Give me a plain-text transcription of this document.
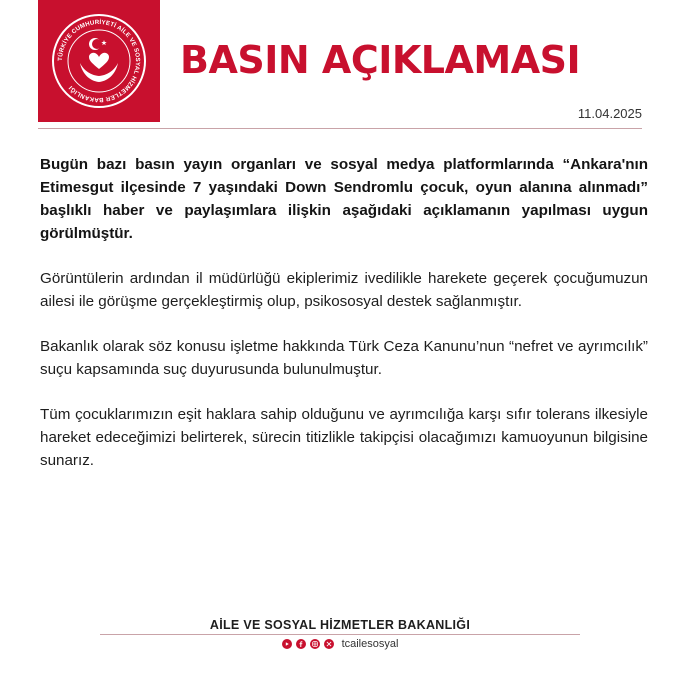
TÜRKİYE CUMHURİYETİ AİLE VE SOSYAL HİZMETLER BAKANLIĞI
BASIN AÇIKLAMASI
11.04.2025

Bugün bazı basın yayın organları ve sosyal medya platformlarında “Ankara'nın Etimesgut ilçesinde 7 yaşındaki Down Sendromlu çocuk, oyun alanına alınmadı” başlıklı haber ve paylaşımlara ilişkin aşağıdaki açıklamanın yapılması uygun görülmüştür.

Görüntülerin ardından il müdürlüğü ekiplerimiz ivedilikle harekete geçerek çocuğumuzun ailesi ile görüşme gerçekleştirmiş olup, psikososyal destek sağlanmıştır.

Bakanlık olarak söz konusu işletme hakkında Türk Ceza Kanunu’nun “nefret ve ayrımcılık” suçu kapsamında suç duyurusunda bulunulmuştur.

Tüm çocuklarımızın eşit haklara sahip olduğunu ve ayrımcılığa karşı sıfır tolerans ilkesiyle hareket edeceğimizi belirterek, sürecin titizlikle takipçisi olacağımızı kamuoyunun bilgisine sunarız.

AİLE VE SOSYAL HİZMETLER BAKANLIĞI
tcailesosyal
